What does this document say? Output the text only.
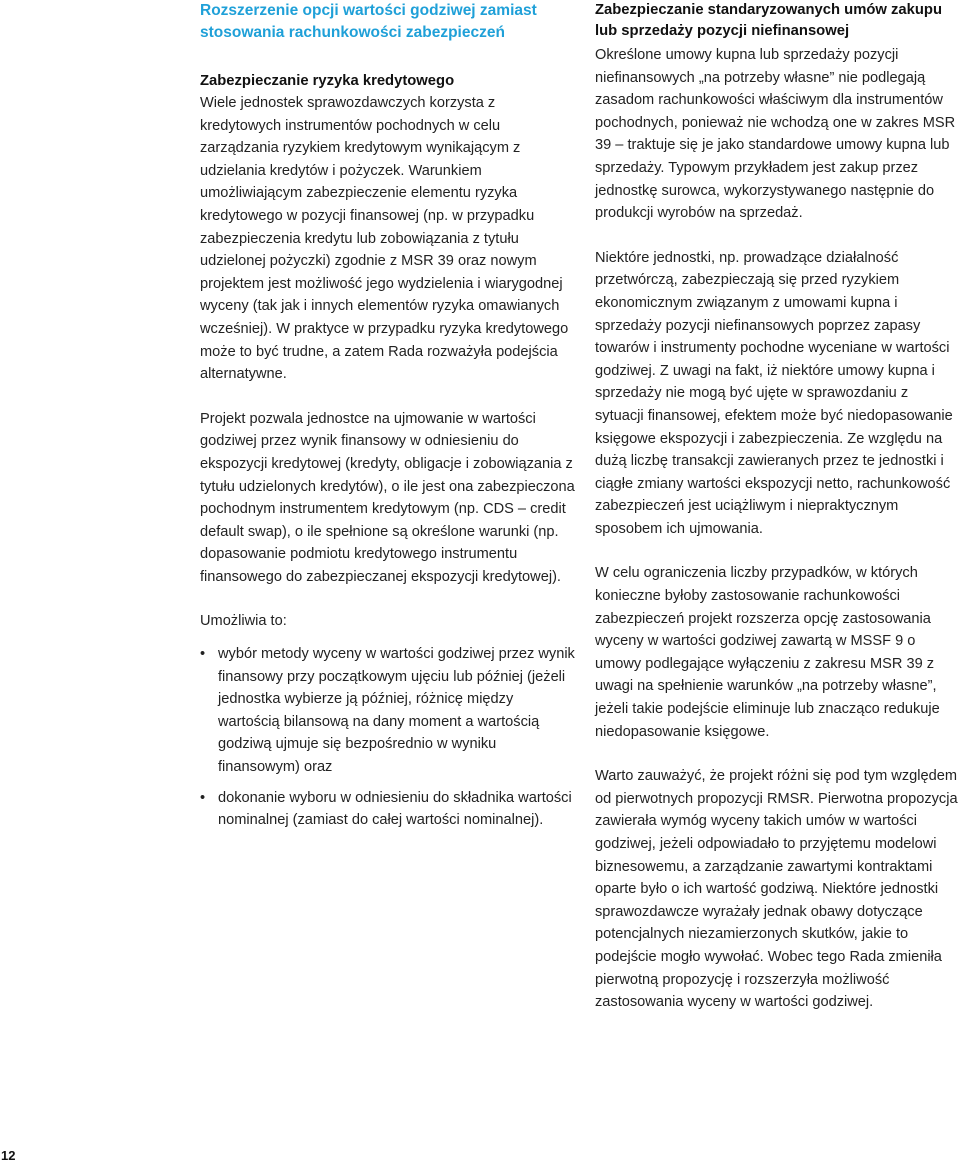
Rozszerzenie opcji wartości godziwej zamiast stosowania rachunkowości zabezpieczeń
Zabezpieczanie ryzyka kredytowego

Wiele jednostek sprawozdawczych korzysta z kredytowych instrumentów pochodnych w celu zarządzania ryzykiem kredytowym wynikającym z udzielania kredytów i pożyczek. Warunkiem umożliwiającym zabezpieczenie elementu ryzyka kredytowego w pozycji finansowej (np. w przypadku zabezpieczenia kredytu lub zobowiązania z tytułu udzielonej pożyczki) zgodnie z MSR 39 oraz nowym projektem jest możliwość jego wydzielenia i wiarygodnej wyceny (tak jak i innych elementów ryzyka omawianych wcześniej). W praktyce w przypadku ryzyka kredytowego może to być trudne, a zatem Rada rozważyła podejścia alternatywne.

Projekt pozwala jednostce na ujmowanie w wartości godziwej przez wynik finansowy w odniesieniu do ekspozycji kredytowej (kredyty, obligacje i zobowiązania z tytułu udzielonych kredytów), o ile jest ona zabezpieczona pochodnym instrumentem kredytowym (np. CDS – credit default swap), o ile spełnione są określone warunki (np. dopasowanie podmiotu kredytowego instrumentu finansowego do zabezpieczanej ekspozycji kredytowej).

Umożliwia to:

• wybór metody wyceny w wartości godziwej przez wynik finansowy przy początkowym ujęciu lub później (jeżeli jednostka wybierze ją później, różnicę między wartością bilansową na dany moment a wartością godziwą ujmuje się bezpośrednio w wyniku finansowym) oraz
• dokonanie wyboru w odniesieniu do składnika wartości nominalnej (zamiast do całej wartości nominalnej).
Zabezpieczanie standaryzowanych umów zakupu lub sprzedaży pozycji niefinansowej

Określone umowy kupna lub sprzedaży pozycji niefinansowych „na potrzeby własne” nie podlegają zasadom rachunkowości właściwym dla instrumentów pochodnych, ponieważ nie wchodzą one w zakres MSR 39 – traktuje się je jako standardowe umowy kupna lub sprzedaży. Typowym przykładem jest zakup przez jednostkę surowca, wykorzystywanego następnie do produkcji wyrobów na sprzedaż.

Niektóre jednostki, np. prowadzące działalność przetwórczą, zabezpieczają się przed ryzykiem ekonomicznym związanym z umowami kupna i sprzedaży pozycji niefinansowych poprzez zapasy towarów i instrumenty pochodne wyceniane w wartości godziwej. Z uwagi na fakt, iż niektóre umowy kupna i sprzedaży nie mogą być ujęte w sprawozdaniu z sytuacji finansowej, efektem może być niedopasowanie księgowe ekspozycji i zabezpieczenia. Ze względu na dużą liczbę transakcji zawieranych przez te jednostki i ciągłe zmiany wartości ekspozycji netto, rachunkowość zabezpieczeń jest uciążliwym i niepraktycznym sposobem ich ujmowania.

W celu ograniczenia liczby przypadków, w których konieczne byłoby zastosowanie rachunkowości zabezpieczeń projekt rozszerza opcję zastosowania wyceny w wartości godziwej zawartą w MSSF 9 o umowy podlegające wyłączeniu z zakresu MSR 39 z uwagi na spełnienie warunków „na potrzeby własne”, jeżeli takie podejście eliminuje lub znacząco redukuje niedopasowanie księgowe.

Warto zauważyć, że projekt różni się pod tym względem od pierwotnych propozycji RMSR. Pierwotna propozycja zawierała wymóg wyceny takich umów w wartości godziwej, jeżeli odpowiadało to przyjętemu modelowi biznesowemu, a zarządzanie zawartymi kontraktami oparte było o ich wartość godziwą. Niektóre jednostki sprawozdawcze wyrażały jednak obawy dotyczące potencjalnych niezamierzonych skutków, jakie to podejście mogło wywołać. Wobec tego Rada zmieniła pierwotną propozycję i rozszerzyła możliwość zastosowania wyceny w wartości godziwej.

12
